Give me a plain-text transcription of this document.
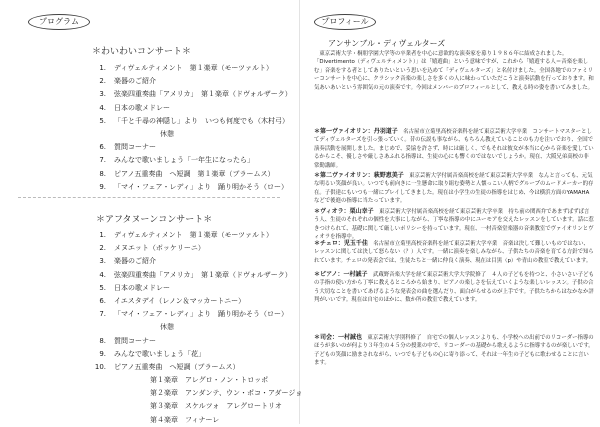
プログラム
＊わいわいコンサート＊
1. ディヴェルティメント　第１楽章（モーツァルト）
2. 楽器のご紹介
3. 弦楽四重奏曲「アメリカ」　第１楽章（ドヴォルザーク）
4. 日本の歌メドレー
5. 「千と千尋の神隠し」より　いつも何度でも（木村弓）
休憩
6. 質問コーナー
7. みんなで歌いましょう「一年生になったら」
8. ピアノ五重奏曲　へ短調　第１楽章（ブラームス）
9. 「マイ・フェア・レディ」より　踊り明かそう（ロー）
＊アフタヌーンコンサート＊
1. ディヴェルティメント　第１楽章（モーツァルト）
2. メヌエット（ボッケリーニ）
3. 楽器のご紹介
4. 弦楽四重奏曲「アメリカ」　第１楽章（ドヴォルザーク）
5. 日本の歌メドレー
6. イエスタデイ（レノン＆マッカートニー）
7. 「マイ・フェア・レディ」より　踊り明かそう（ロー）
休憩
8. 質問コーナー
9. みんなで歌いましょう「花」
10. ピアノ五重奏曲　へ短調（ブラームス）
第１楽章　アレグロ・ノン・トロッポ
第２楽章　アンダンテ、ウン・ポコ・アダージョ
第３楽章　スケルツォ　アレグロートリオ
第４楽章　フィナーレ
プロフィール
アンサンブル・ディヴェルターズ

　東京芸術大学・桐朋学園大学等の卒業者を中心に意欲的な演奏家を募り１９８６年に結成されました。「Divertimento（ディヴェルティメント）」は「嬉遊曲」という意味ですが、これから「嬉遊する人＝音楽を楽しむ」音楽をする者としてありたいという思いを込めて「ディヴェルターズ」と名付けました。全国各地でのファミリーコンサートを中心に、クラシック音楽の楽しさを多くの人に味わっていただこうと演奏活動を行っております。和気あいあいという雰囲気の元の演奏です。今回はメンバーのプロフィールとして、教える時の姿を書いてみました。

＊第一ヴァイオリン：丹羽道子　 名古屋市立菊里高校音楽科を経て東京芸術大学卒業　コンサートマスターとしてディヴェルターズを引っ張っていく。昔の伝説も事ながら、もちろん教えていることのも力を注いでおり、全国で演奏活動を展開しました。まじめで、妥協を許さず、時には厳しく、でもそれは彼女が本当に心から音楽を愛しているからこそ、優しさや厳しさあふれる指導は、生徒の心にも響くのではないでしょうか。現在、大阪兄弟高校の非常勤講師。

＊第二ヴァイオリン：萩野恵美子　 東京芸術大学付属音楽高校を経て東京芸術大学卒業　なんと言っても、元気な明るい笑顔が良い。いつでも前向きに一生懸命に取り組む姿勢と人懐っこい人柄でグループのムードメーカー的存在。子供達にもいつも一緒にプレイしてきました。現在は小学生の生徒の指導をはじめ、今は横浜方面のYAMAHAなどで後進の指導に当たっています。

＊ヴィオラ：栗山幸子　 東京芸術大学付属音楽高校を経て東京芸術大学卒業　持ち前の関西弁であまずばずば言う人、生徒のそれぞれの個性を大事にしながら、丁寧な指導の中にユーモアを交えたレッスンをしています。話に惹きつけられて、基礎に関して厳しいポリシーを持っています。現在、一村音楽堂楽器の音楽教室でヴァイオリンとヴィオラを指導中。

＊チェロ：児玉千佳　 名古屋市立菊里高校音楽科を経て東京芸術大学卒業　音楽は決して難しいものではない、レッスンに関しては決して怒らない（？）人です。一緒に演奏を楽しみながら、子供たちの音楽を育てる方針で知られています。チェロの発表会では、生徒たちと一緒に仲良く演奏、現在は目黒（p）や青山の教室で教えています。

＊ピアノ：一村誠子　 武蔵野音楽大学を経て東京芸術大学大学院修了　４人の子どもを持つと、小さいさい子どもの手指の使い方から丁寧に教えるところから始まり、ピアノの楽しさを伝えていくような楽しいレッスン。子供の合う大切なことを書いてあげるような発表会の曲を選んだり、面白がらせるのが上手です。子供たちからはなかなか評判がいいです。現在は自宅のほかに、数か所の教室で教えています。

＊司会：一村誠也　 東京芸術大学別科修了　自宅での個人レッスンよりも、小学校への出前でのリコーダー指導のほうが多いのが何より３年生の４５分の授業の中で、リコーダーの基礎から歌えるように指導するのが楽しいです。子どもの笑顔に励まされながら、いつでも子どもの心に寄り添って、それは一年生の子どもに歌わせることに言います。
